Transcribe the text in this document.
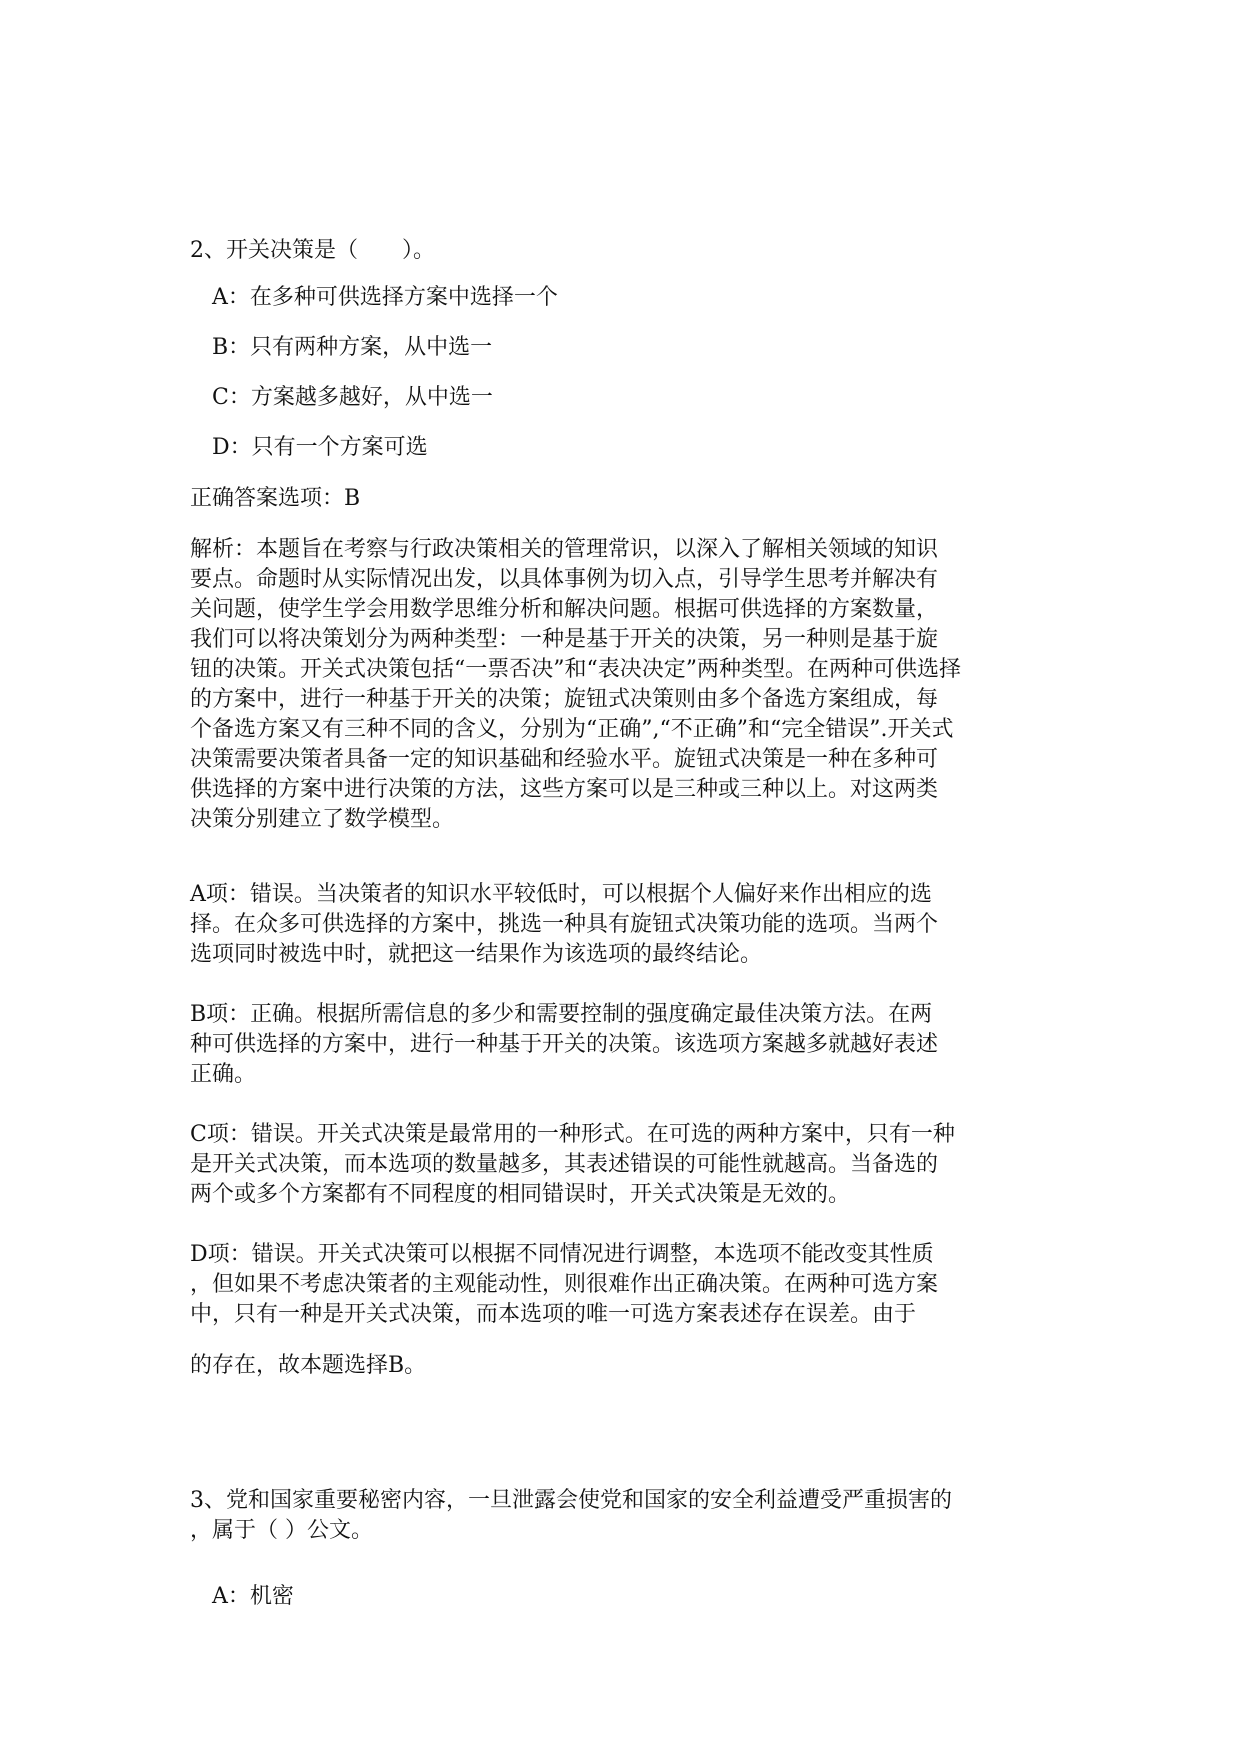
2、开关决策是（　　）。
A：在多种可供选择方案中选择一个
B：只有两种方案，从中选一
C：方案越多越好，从中选一
D：只有一个方案可选
正确答案选项：B
解析：本题旨在考察与行政决策相关的管理常识，以深入了解相关领域的知识
要点。命题时从实际情况出发，以具体事例为切入点，引导学生思考并解决有
关问题，使学生学会用数学思维分析和解决问题。根据可供选择的方案数量，
我们可以将决策划分为两种类型：一种是基于开关的决策，另一种则是基于旋
钮的决策。开关式决策包括“一票否决”和“表决决定”两种类型。在两种可供选择
的方案中，进行一种基于开关的决策；旋钮式决策则由多个备选方案组成，每
个备选方案又有三种不同的含义，分别为“正确”,“不正确”和“完全错误”.开关式
决策需要决策者具备一定的知识基础和经验水平。旋钮式决策是一种在多种可
供选择的方案中进行决策的方法，这些方案可以是三种或三种以上。对这两类
决策分别建立了数学模型。
A项：错误。当决策者的知识水平较低时，可以根据个人偏好来作出相应的选
择。在众多可供选择的方案中，挑选一种具有旋钮式决策功能的选项。当两个
选项同时被选中时，就把这一结果作为该选项的最终结论。
B项：正确。根据所需信息的多少和需要控制的强度确定最佳决策方法。在两
种可供选择的方案中，进行一种基于开关的决策。该选项方案越多就越好表述
正确。
C项：错误。开关式决策是最常用的一种形式。在可选的两种方案中，只有一种
是开关式决策，而本选项的数量越多，其表述错误的可能性就越高。当备选的
两个或多个方案都有不同程度的相同错误时，开关式决策是无效的。
D项：错误。开关式决策可以根据不同情况进行调整，本选项不能改变其性质
，但如果不考虑决策者的主观能动性，则很难作出正确决策。在两种可选方案
中，只有一种是开关式决策，而本选项的唯一可选方案表述存在误差。由于
的存在，故本题选择B。
3、党和国家重要秘密内容，一旦泄露会使党和国家的安全利益遭受严重损害的
，属于（ ）公文。
A：机密
